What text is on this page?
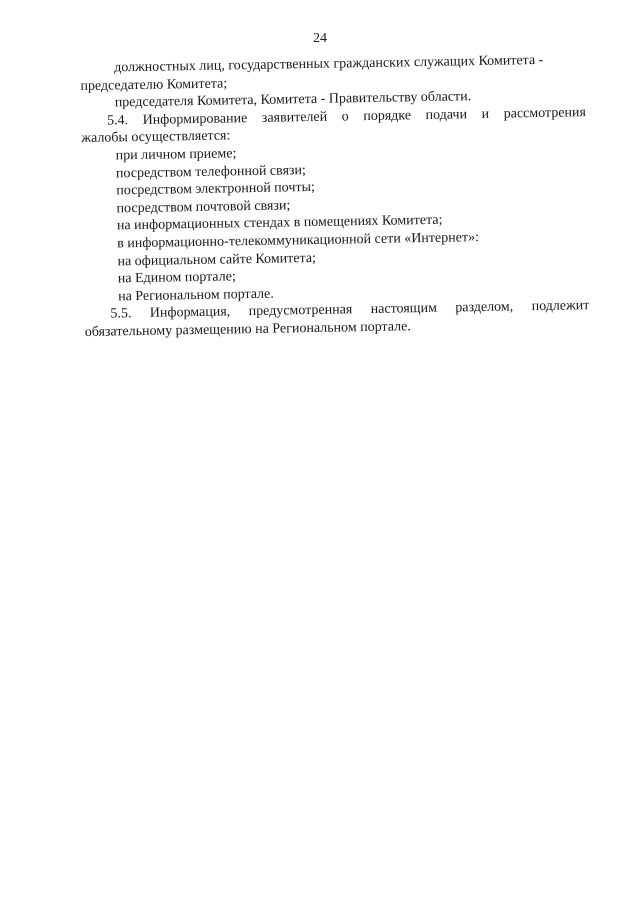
24
должностных лиц, государственных гражданских служащих Комитета -
председателю Комитета;
председателя Комитета, Комитета - Правительству области.
5.4. Информирование заявителей о порядке подачи и рассмотрения
жалобы осуществляется:
при личном приеме;
посредством телефонной связи;
посредством электронной почты;
посредством почтовой связи;
на информационных стендах в помещениях Комитета;
в информационно-телекоммуникационной сети «Интернет»:
на официальном сайте Комитета;
на Едином портале;
на Региональном портале.
5.5. Информация, предусмотренная настоящим разделом, подлежит
обязательному размещению на Региональном портале.
